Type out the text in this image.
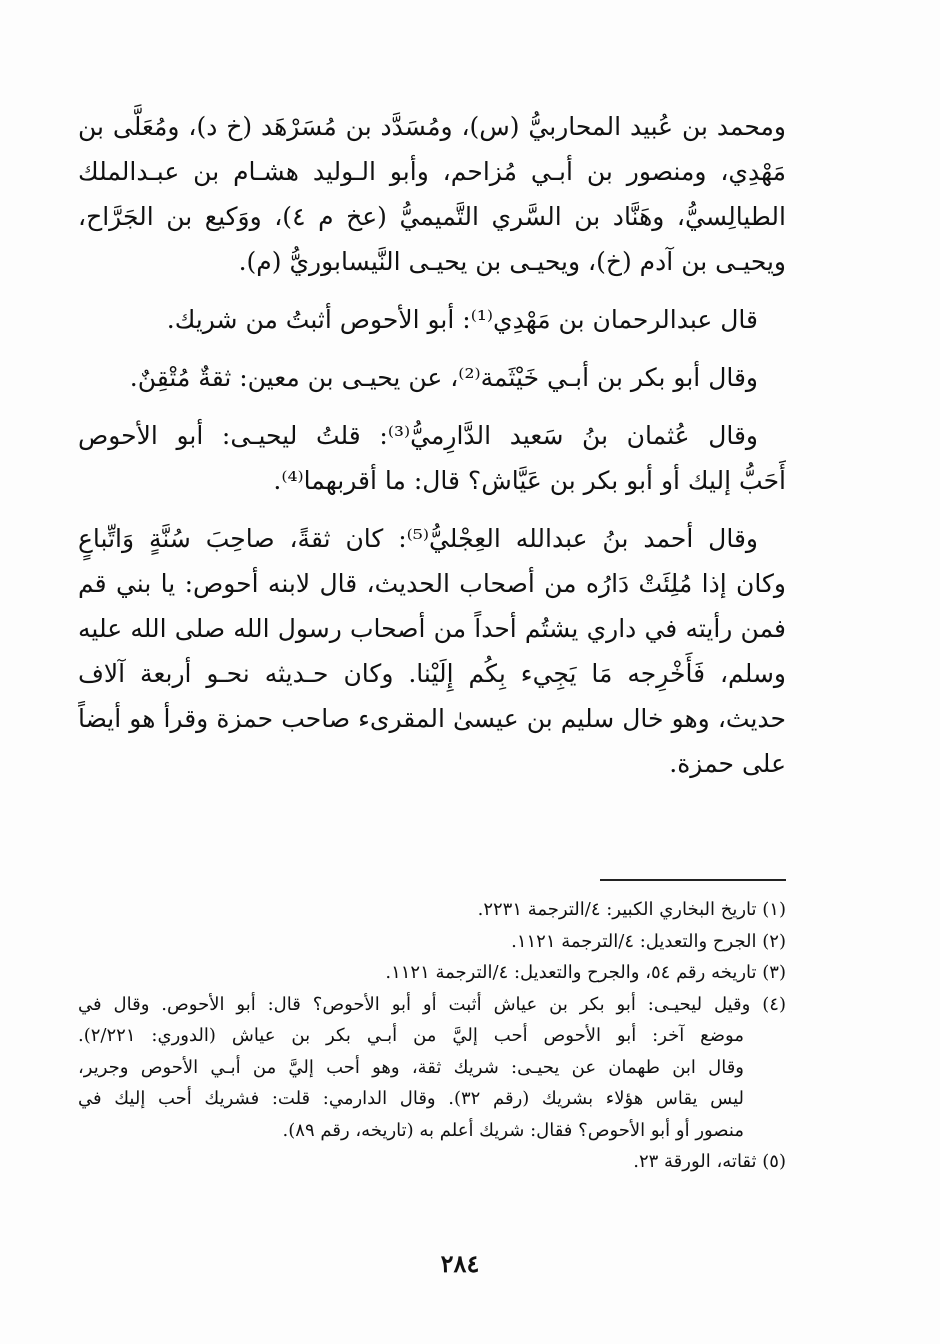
ومحمد بن عُبيد المحاربيُّ (س)، ومُسَدَّد بن مُسَرْهَد (خ د)، ومُعَلَّى بن
مَهْدِي، ومنصور بن أبـي مُزاحم، وأبو الـوليد هشـام بن عبـدالملك
الطيالِسيُّ، وهَنَّاد بن السَّري التَّميميُّ (عخ م ٤)، ووَكيع بن الجَرَّاح،
ويحيـى بن آدم (خ)، ويحيـى بن يحيـى النَّيسابوريُّ (م).
قال عبدالرحمان بن مَهْدِي⁽¹⁾: أبو الأحوص أثبتُ من شريك.
وقال أبو بكر بن أبـي خَيْثَمة⁽²⁾، عن يحيـى بن معين: ثقةٌ مُتْقِنٌ.
وقال عُثمان بنُ سَعيد الدَّارِميُّ⁽³⁾: قلتُ ليحيـى: أبو الأحوص
أَحَبُّ إليك أو أبو بكر بن عَيَّاش؟ قال: ما أقربهما⁽⁴⁾.
وقال أحمد بنُ عبدالله العِجْليُّ⁽⁵⁾: كان ثقةً، صاحِبَ سُنَّةٍ وَاتِّباعٍ
وكان إذا مُلِئَتْ دَارُه من أصحاب الحديث، قال لابنه أحوص: يا بني قم
فمن رأيته في داري يشتُم أحداً من أصحاب رسول الله صلى الله عليه
وسلم، فَأَخْرِجه مَا يَجِيء بِكُم إِلَيْنا. وكان حـديثه نحـو أربعة آلاف
حديث، وهو خال سليم بن عيسىٰ المقرىء صاحب حمزة وقرأ هو أيضاً
على حمزة.
(١) تاريخ البخاري الكبير: ٤/الترجمة ٢٢٣١.
(٢) الجرح والتعديل: ٤/الترجمة ١١٢١.
(٣) تاريخه رقم ٥٤، والجرح والتعديل: ٤/الترجمة ١١٢١.
(٤) وقيل ليحيـى: أبو بكر بن عياش أثبت أو أبو الأحوص؟ قال: أبو الأحوص. وقال في
موضع آخر: أبو الأحوص أحب إليَّ من أبـي بكر بن عياش (الدوري: ٢/٢٢١).
وقال ابن طهمان عن يحيـى: شريك ثقة، وهو أحب إليَّ من أبـي الأحوص وجرير،
ليس يقاس هؤلاء بشريك (رقم ٣٢). وقال الدارمي: قلت: فشريك أحب إليك في
منصور أو أبو الأحوص؟ فقال: شريك أعلم به (تاريخه، رقم ٨٩).
(٥) ثقاته، الورقة ٢٣.
٢٨٤
